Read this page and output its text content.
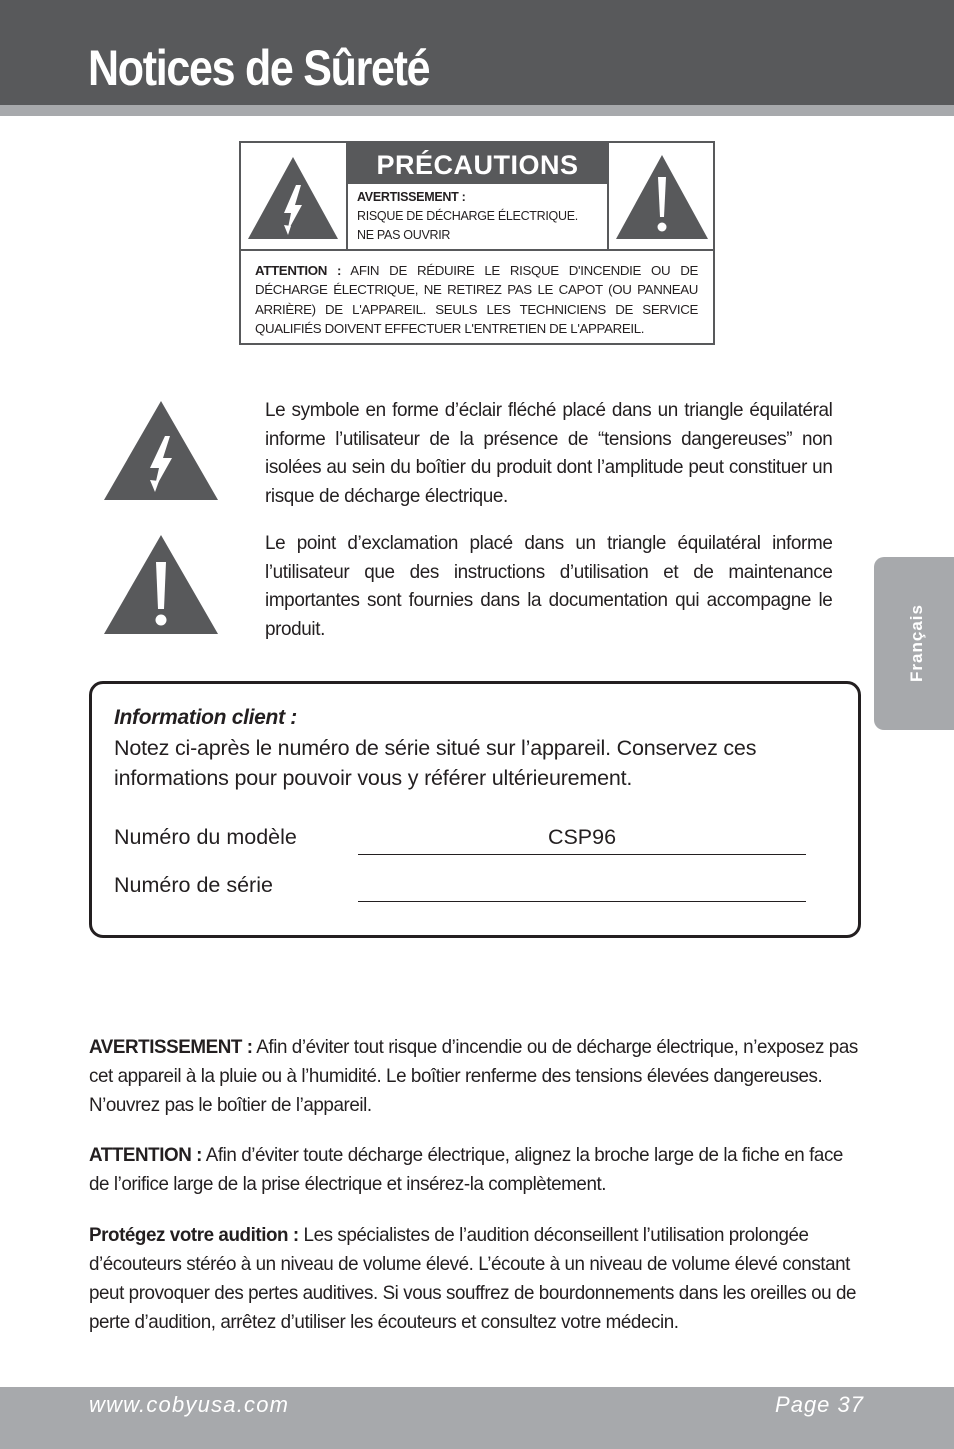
Notices de Sûreté
PRÉCAUTIONS
AVERTISSEMENT :
RISQUE DE DÉCHARGE ÉLECTRIQUE.
NE PAS OUVRIR
ATTENTION : AFIN DE RÉDUIRE LE RISQUE D'INCENDIE OU DE DÉCHARGE ÉLECTRIQUE, NE RETIREZ PAS LE CAPOT (OU PANNEAU ARRIÈRE) DE L'APPAREIL. SEULS LES TECHNICIENS DE SERVICE QUALIFIÉS DOIVENT EFFECTUER L'ENTRETIEN DE L'APPAREIL.
Le symbole en forme d’éclair fléché placé dans un triangle équilatéral informe l’utilisateur de la présence de “tensions dangereuses” non isolées au sein du boîtier du produit dont l’amplitude peut constituer un risque de décharge électrique.
Le point d’exclamation placé dans un triangle équilatéral informe l’utilisateur que des instructions d’utilisation et de maintenance importantes sont fournies dans la documentation qui accompagne le produit.	Français
Information client :
Notez ci-après le numéro de série situé sur l’appareil. Conservez ces informations pour pouvoir vous y référer ultérieurement.
Numéro du modèle	CSP96
Numéro de série
AVERTISSEMENT : Afin d’éviter tout risque d’incendie ou de décharge électrique, n’exposez pas cet appareil à la pluie ou à l’humidité. Le boîtier renferme des tensions élevées dangereuses. N’ouvrez pas le boîtier de l’appareil.
ATTENTION : Afin d’éviter toute décharge électrique, alignez la broche large de la fiche en face de l’orifice large de la prise électrique et insérez-la complètement.
Protégez votre audition : Les spécialistes de l’audition déconseillent l’utilisation prolongée d’écouteurs stéréo à un niveau de volume élevé. L’écoute à un niveau de volume élevé constant peut provoquer des pertes auditives. Si vous souffrez de bourdonnements dans les oreilles ou de perte d’audition, arrêtez d’utiliser les écouteurs et consultez votre médecin.
www.cobyusa.com	Page 37
